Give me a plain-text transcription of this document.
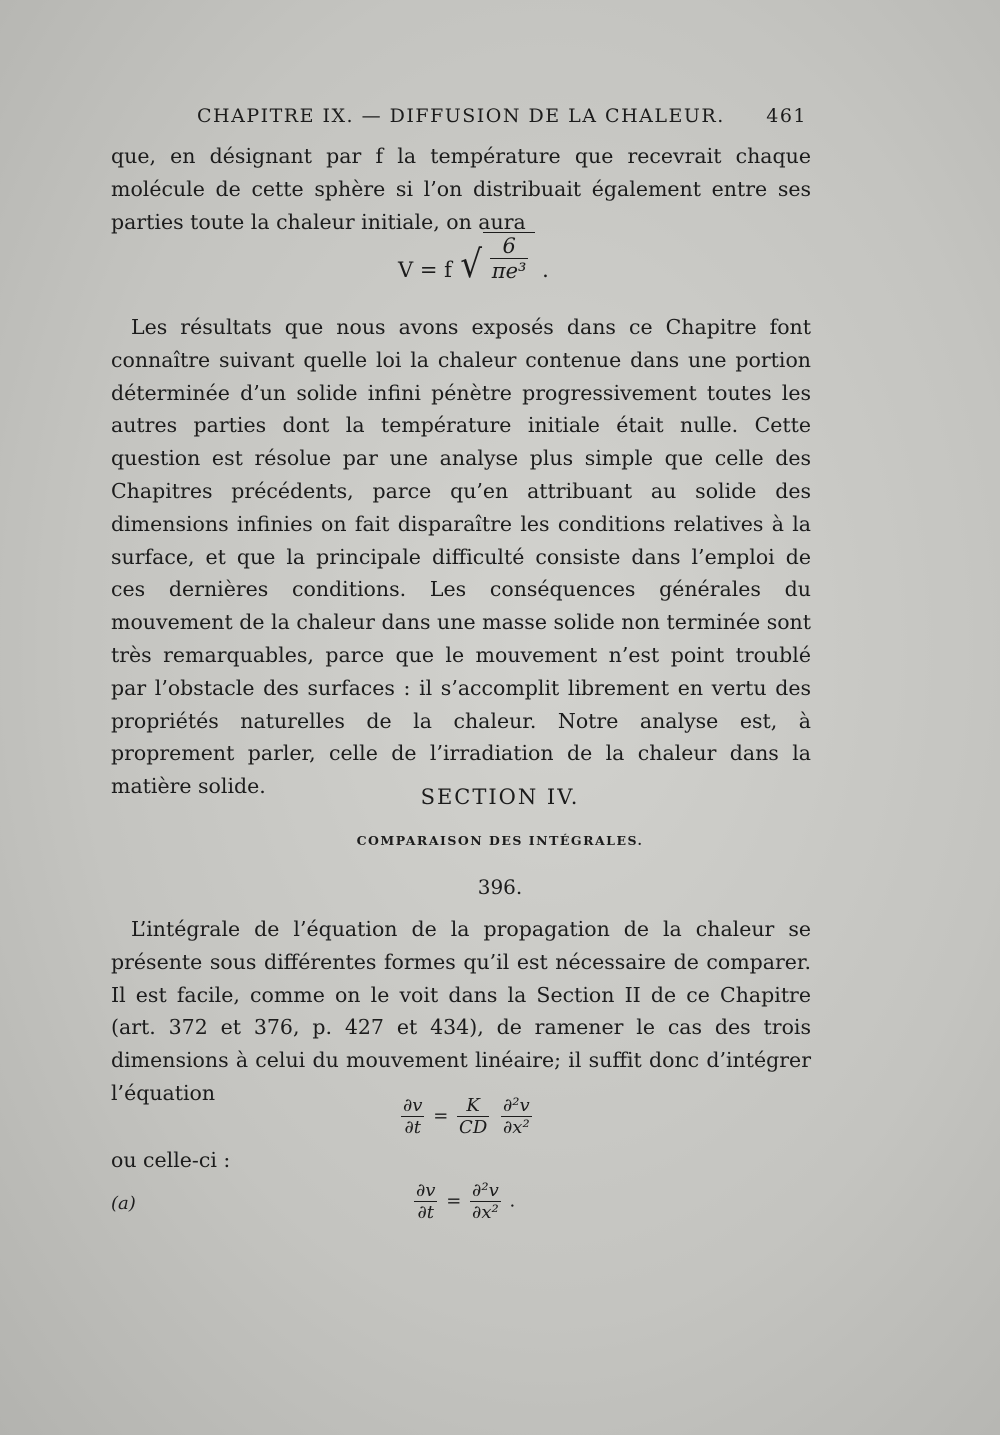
CHAPITRE IX. — DIFFUSION DE LA CHALEUR. 461

que, en désignant par f la température que recevrait chaque molécule de cette sphère si l’on distribuait également entre ses parties toute la chaleur initiale, on aura

V = f √ $\frac{6}{\text{πe³}}$ .

Les résultats que nous avons exposés dans ce Chapitre font connaître suivant quelle loi la chaleur contenue dans une portion déterminée d’un solide infini pénètre progressivement toutes les autres parties dont la température initiale était nulle. Cette question est résolue par une analyse plus simple que celle des Chapitres précédents, parce qu’en attribuant au solide des dimensions infinies on fait disparaître les conditions relatives à la surface, et que la principale difficulté consiste dans l’emploi de ces dernières conditions. Les conséquences générales du mouvement de la chaleur dans une masse solide non terminée sont très remarquables, parce que le mouvement n’est point troublé par l’obstacle des surfaces : il s’accomplit librement en vertu des propriétés naturelles de la chaleur. Notre analyse est, à proprement parler, celle de l’irradiation de la chaleur dans la matière solide.	SECTION IV.
COMPARAISON DES INTÉGRALES.
396.

L’intégrale de l’équation de la propagation de la chaleur se présente sous différentes formes qu’il est nécessaire de comparer. Il est facile, comme on le voit dans la Section II de ce Chapitre (art. 372 et 376, p. 427 et 434), de ramener le cas des trois dimensions à celui du mouvement linéaire; il suffit donc d’intégrer l’équation

$\frac{\partial v}{\partial t} = \frac{K}{CD}$
$\frac{\text{∂²v}}{\text{∂x²}}$
ou celle-ci :
(a)	$\frac{\partial v}{\partial t} = \frac{\text{∂²v}}{\text{∂x²}}$ .
